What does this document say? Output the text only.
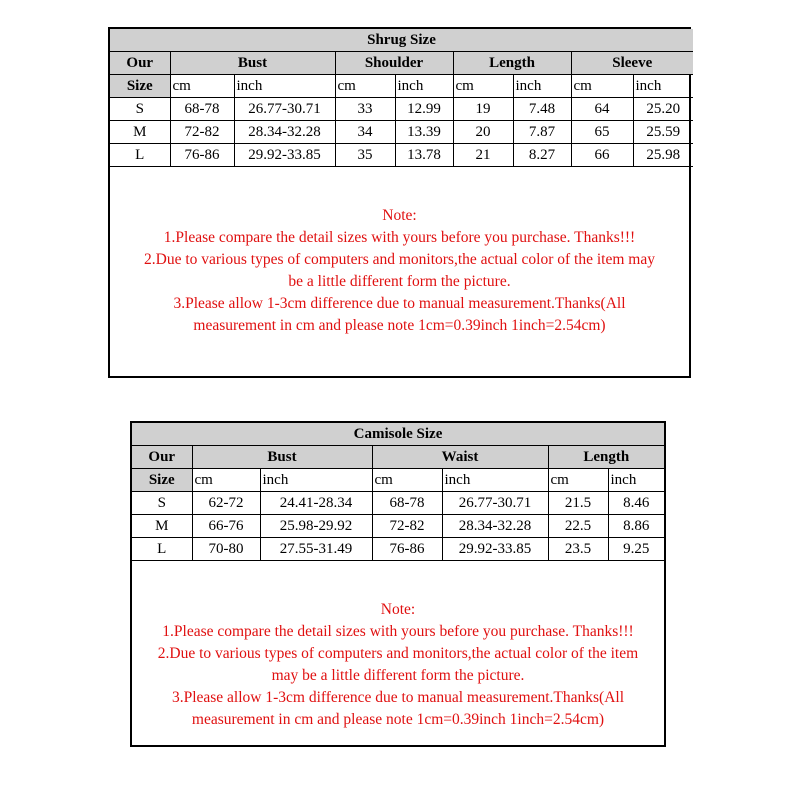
Shrug Size								
Our	Bust		Shoulder		Length		Sleeve	
Size	cm	inch	cm	inch	cm	inch	cm	inch
S	68-78	26.77-30.71	33	12.99	19	7.48	64	25.20
M	72-82	28.34-32.28	34	13.39	20	7.87	65	25.59
L	76-86	29.92-33.85	35	13.78	21	8.27	66	25.98
Note:
1.Please compare the detail sizes with yours before you purchase. Thanks!!!
2.Due to various types of computers and monitors,the actual color of the item may
be a little different form the picture.
3.Please allow 1-3cm difference due to manual measurement.Thanks(All
measurement in cm and please note 1cm=0.39inch 1inch=2.54cm)
Camisole Size						
Our	Bust		Waist		Length	
Size	cm	inch	cm	inch	cm	inch
S	62-72	24.41-28.34	68-78	26.77-30.71	21.5	8.46
M	66-76	25.98-29.92	72-82	28.34-32.28	22.5	8.86
L	70-80	27.55-31.49	76-86	29.92-33.85	23.5	9.25
Note:
1.Please compare the detail sizes with yours before you purchase. Thanks!!!
2.Due to various types of computers and monitors,the actual color of the item
may be a little different form the picture.
3.Please allow 1-3cm difference due to manual measurement.Thanks(All
measurement in cm and please note 1cm=0.39inch 1inch=2.54cm)
